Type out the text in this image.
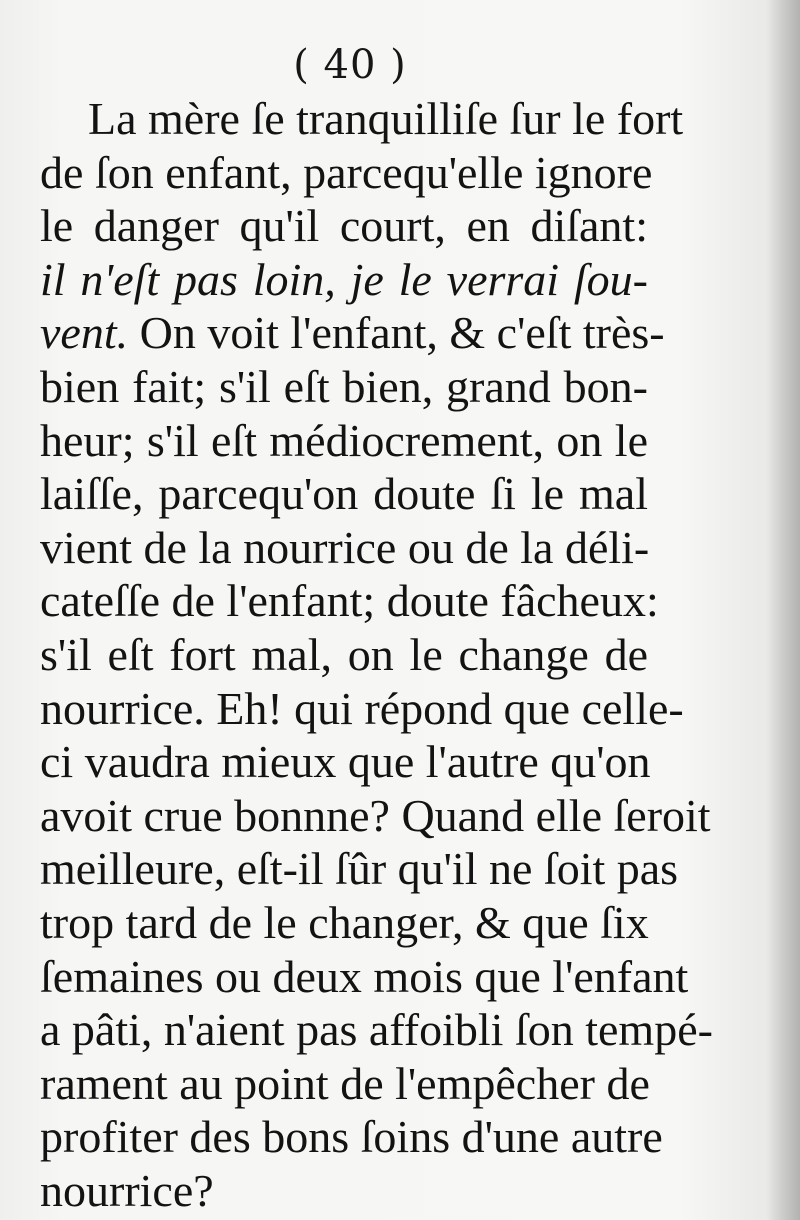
( 40 )
La mère ſe tranquilliſe ſur le fort
de ſon enfant, parcequ'elle ignore
le danger qu'il court, en diſant:
il n'eſt pas loin, je le verrai ſou-
vent. On voit l'enfant, & c'eſt très-
bien fait; s'il eſt bien, grand bon-
heur; s'il eſt médiocrement, on le
laiſſe, parcequ'on doute ſi le mal
vient de la nourrice ou de la déli-
cateſſe de l'enfant; doute fâcheux:
s'il eſt fort mal, on le change de
nourrice. Eh! qui répond que celle-
ci vaudra mieux que l'autre qu'on
avoit crue bonnne? Quand elle ſeroit
meilleure, eſt-il ſûr qu'il ne ſoit pas
trop tard de le changer, & que ſix
ſemaines ou deux mois que l'enfant
a pâti, n'aient pas affoibli ſon tempé-
rament au point de l'empêcher de
profiter des bons ſoins d'une autre
nourrice?
